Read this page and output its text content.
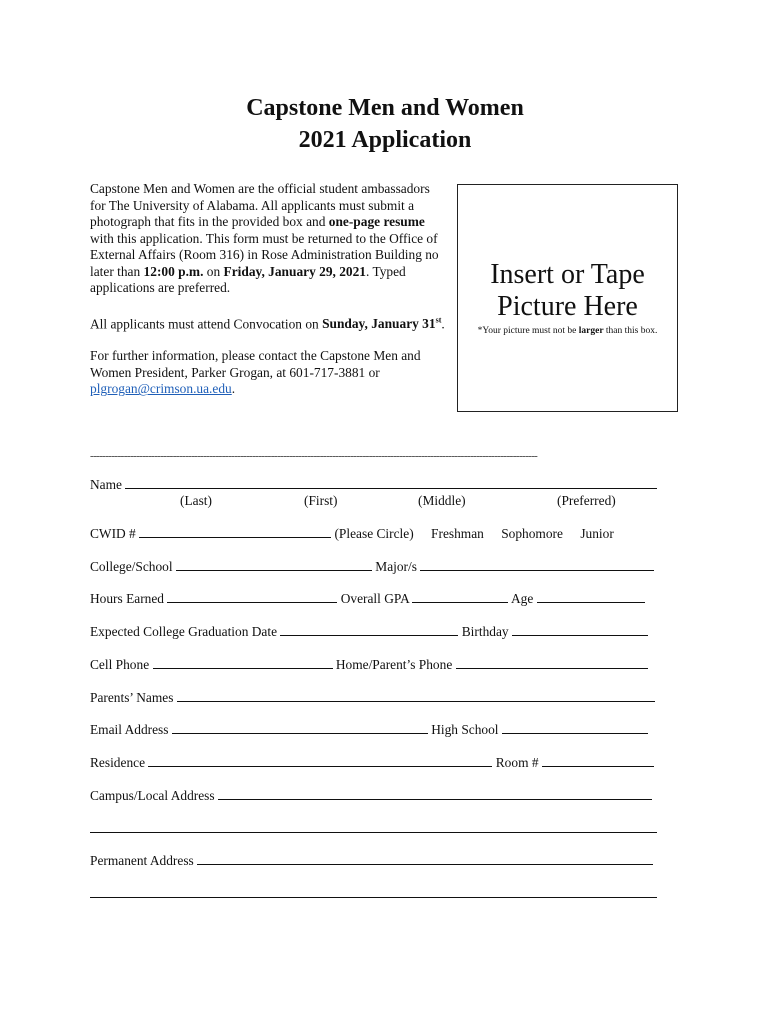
Capstone Men and Women
2021 Application

Capstone Men and Women are the official student ambassadors for The University of Alabama. All applicants must submit a photograph that fits in the provided box and one-page resume with this application. This form must be returned to the Office of External Affairs (Room 316) in Rose Administration Building no later than 12:00 p.m. on Friday, January 29, 2021. Typed applications are preferred.

All applicants must attend Convocation on Sunday, January 31st.

For further information, please contact the Capstone Men and Women President, Parker Grogan, at 601-717-3881 or plgrogan@crimson.ua.edu.

Insert or Tape
Picture Here
*Your picture must not be larger than this box.
--------------------------------------------------------------------------------------------------------------------------------------------------
Name
(Last)	(First)	(Middle)	(Preferred)
CWID #	(Please Circle) Freshman Sophomore Junior
College/School	Major/s
Hours Earned	Overall GPA	Age
Expected College Graduation Date	Birthday
Cell Phone	Home/Parent’s Phone
Parents’ Names
Email Address	High School
Residence	Room #
Campus/Local Address
Permanent Address
